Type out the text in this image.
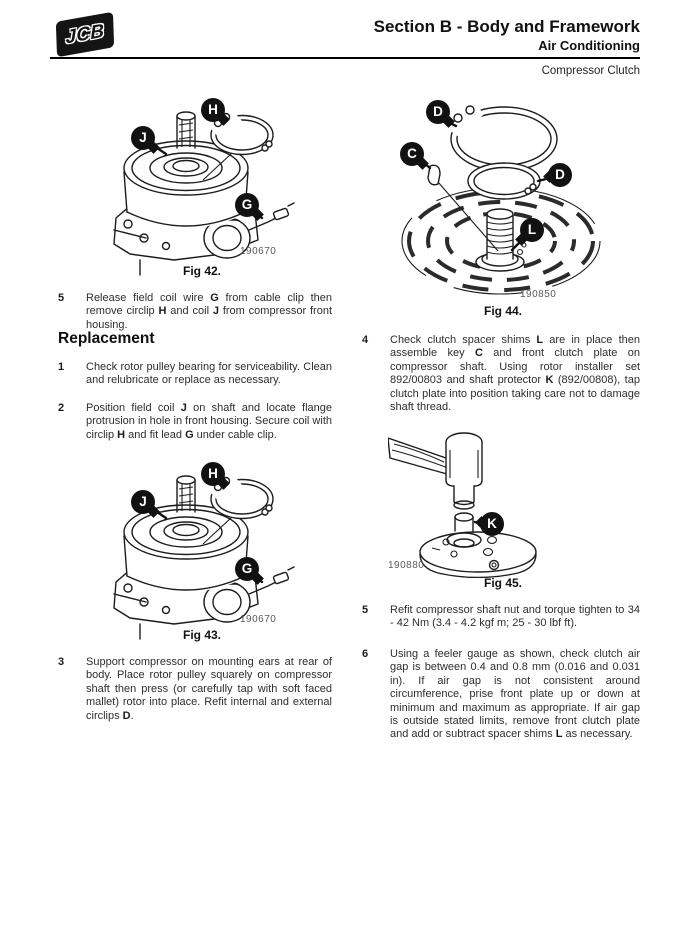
JCB	Section B - Body and Framework
Air Conditioning
Compressor Clutch
H
J
G
190670
Fig 42.
5	Release field coil wire G from cable clip then remove circlip H and coil J from compressor front housing.
Replacement
1	Check rotor pulley bearing for serviceability. Clean and relubricate or replace as necessary.
2	Position field coil J on shaft and locate flange protrusion in hole in front housing. Secure coil with circlip H and fit lead G under cable clip.
H
J
G
190670
Fig 43.
3	Support compressor on mounting ears at rear of body. Place rotor pulley squarely on compressor shaft then press (or carefully tap with soft faced mallet) rotor into place. Refit internal and external circlips D.
D
C
D
L
190850
Fig 44.
4	Check clutch spacer shims L are in place then assemble key C and front clutch plate on compressor shaft. Using rotor installer set 892/00803 and shaft protector K (892/00808), tap clutch plate into position taking care not to damage shaft thread.
K
190880
Fig 45.
5	Refit compressor shaft nut and torque tighten to 34 - 42 Nm (3.4 - 4.2 kgf m; 25 - 30 lbf ft).
6	Using a feeler gauge as shown, check clutch air gap is between 0.4 and 0.8 mm (0.016 and 0.031 in). If air gap is not consistent around circumference, prise front plate up or down at minimum and maximum as appropriate. If air gap is outside stated limits, remove front clutch plate and add or subtract spacer shims L as necessary.
